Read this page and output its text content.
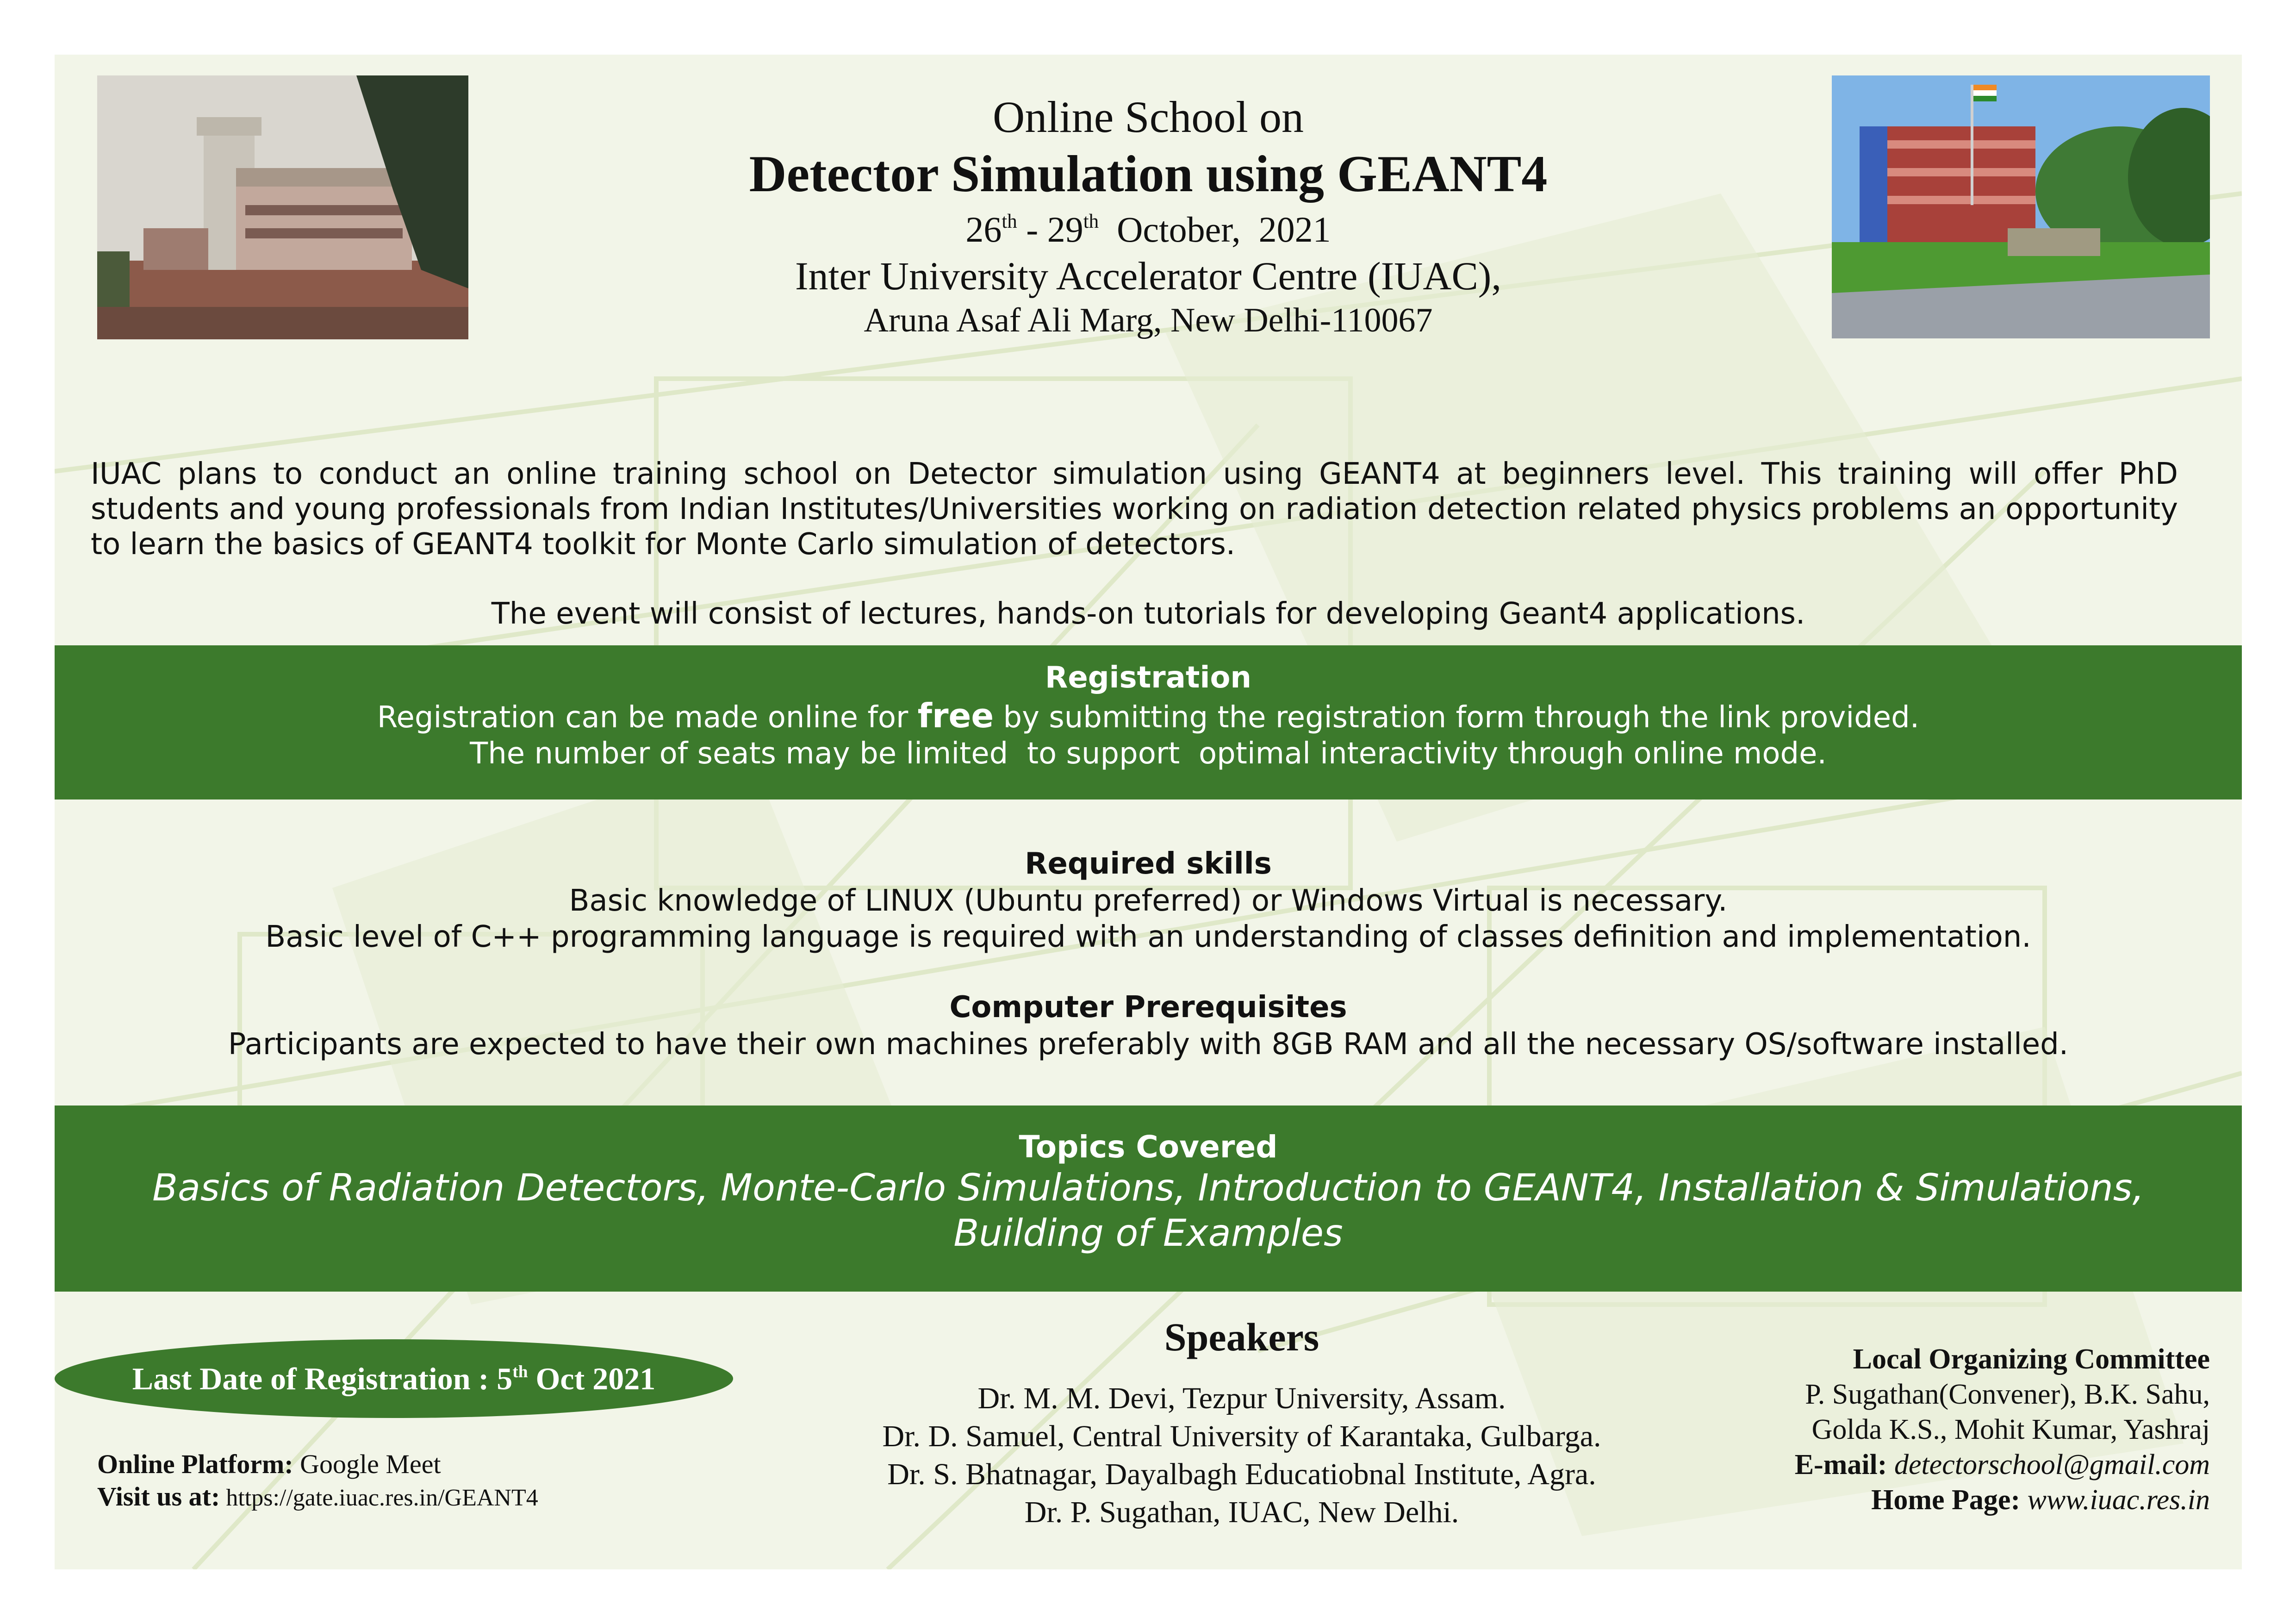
Online School on
Detector Simulation using GEANT4
26th - 29th  October,  2021
Inter University Accelerator Centre (IUAC),
Aruna Asaf Ali Marg, New Delhi-110067
IUAC plans to conduct an online training school on Detector simulation using GEANT4 at beginners level. This training will offer PhD students and young professionals from Indian Institutes/Universities working on radiation detection related physics problems an opportunity to learn the basics of GEANT4 toolkit for Monte Carlo simulation of detectors.
The event will consist of lectures, hands-on tutorials for developing Geant4 applications.
Registration
Registration can be made online for free by submitting the registration form through the link provided.
The number of seats may be limited  to support  optimal interactivity through online mode.
Required skills
Basic knowledge of LINUX (Ubuntu preferred) or Windows Virtual is necessary.
Basic level of C++ programming language is required with an understanding of classes definition and implementation.
Computer Prerequisites
Participants are expected to have their own machines preferably with 8GB RAM and all the necessary OS/software installed.
Topics Covered
Basics of Radiation Detectors, Monte-Carlo Simulations, Introduction to GEANT4, Installation & Simulations,
Building of Examples
Last Date of Registration : 5th Oct 2021
Online Platform: Google Meet
Visit us at: https://gate.iuac.res.in/GEANT4
Speakers
Dr. M. M. Devi, Tezpur University, Assam.
Dr. D. Samuel, Central University of Karantaka, Gulbarga.
Dr. S. Bhatnagar, Dayalbagh Educatiobnal Institute, Agra.
Dr. P. Sugathan, IUAC, New Delhi.
Local Organizing Committee
P. Sugathan(Convener), B.K. Sahu,
Golda K.S., Mohit Kumar, Yashraj
E-mail: detectorschool@gmail.com
Home Page: www.iuac.res.in
